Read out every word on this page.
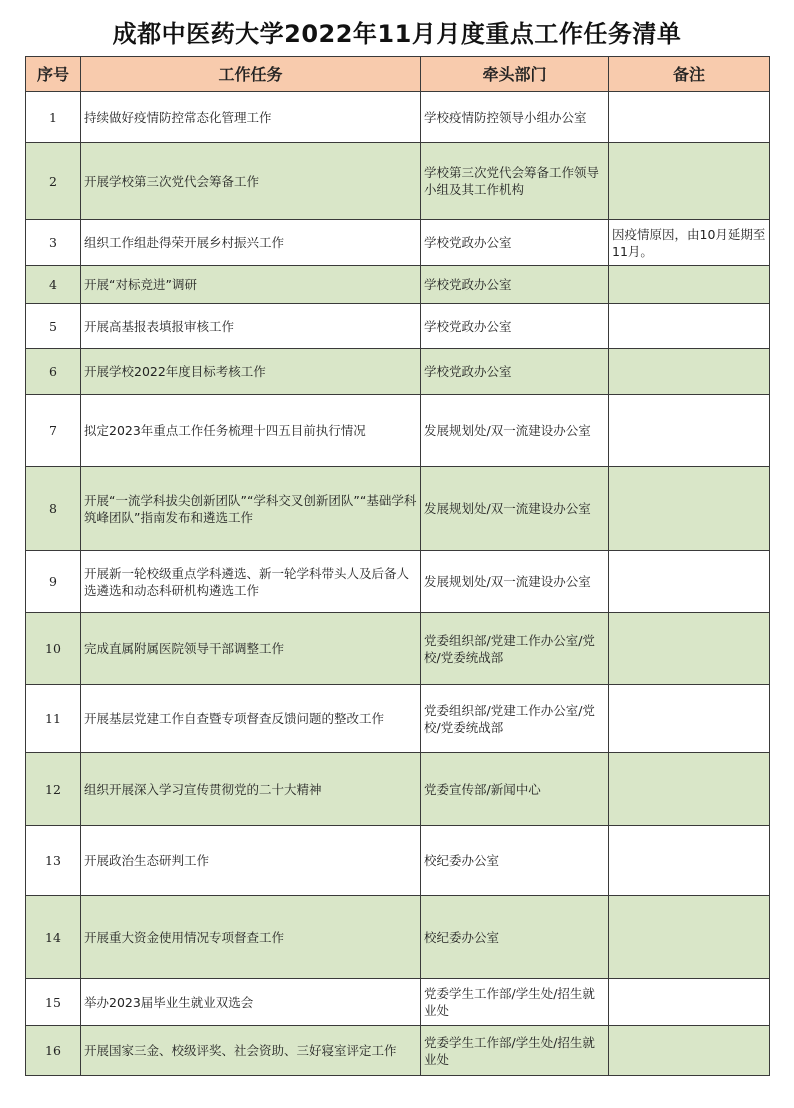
成都中医药大学2022年11月月度重点工作任务清单
序号	工作任务	牵头部门	备注
1	持续做好疫情防控常态化管理工作	学校疫情防控领导小组办公室	
2	开展学校第三次党代会筹备工作	学校第三次党代会筹备工作领导小组及其工作机构	
3	组织工作组赴得荣开展乡村振兴工作	学校党政办公室	因疫情原因，由10月延期至11月。
4	开展“对标竞进”调研	学校党政办公室	
5	开展高基报表填报审核工作	学校党政办公室	
6	开展学校2022年度目标考核工作	学校党政办公室	
7	拟定2023年重点工作任务梳理十四五目前执行情况	发展规划处/双一流建设办公室	
8	开展“一流学科拔尖创新团队”“学科交叉创新团队”“基础学科筑峰团队”指南发布和遴选工作	发展规划处/双一流建设办公室	
9	开展新一轮校级重点学科遴选、新一轮学科带头人及后备人选遴选和动态科研机构遴选工作	发展规划处/双一流建设办公室	
10	完成直属附属医院领导干部调整工作	党委组织部/党建工作办公室/党校/党委统战部	
11	开展基层党建工作自查暨专项督查反馈问题的整改工作	党委组织部/党建工作办公室/党校/党委统战部	
12	组织开展深入学习宣传贯彻党的二十大精神	党委宣传部/新闻中心	
13	开展政治生态研判工作	校纪委办公室	
14	开展重大资金使用情况专项督查工作	校纪委办公室	
15	举办2023届毕业生就业双选会	党委学生工作部/学生处/招生就业处	
16	开展国家三金、校级评奖、社会资助、三好寝室评定工作	党委学生工作部/学生处/招生就业处	
